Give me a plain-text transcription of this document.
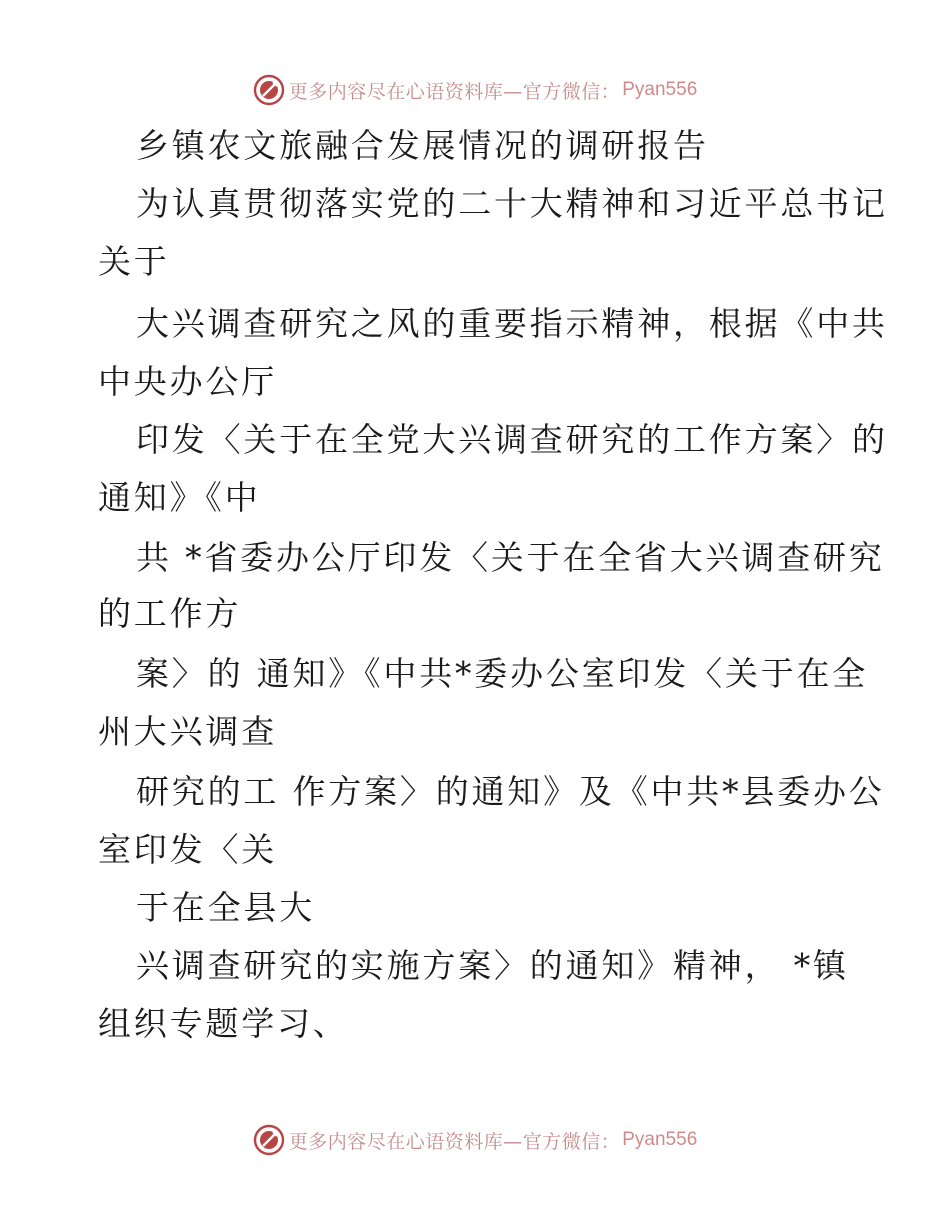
更多内容尽在心语资料库—官方微信： Pyan556
乡镇农文旅融合发展情况的调研报告
为认真贯彻落实党的二十大精神和习近平总书记
关于
大兴调查研究之风的重要指示精神，根据《中共
中央办公厅
印发〈关于在全党大兴调查研究的工作方案〉的
通知》《中
共 *省委办公厅印发〈关于在全省大兴调查研究
的工作方
案〉的 通知》《中共*委办公室印发〈关于在全
州大兴调查
研究的工 作方案〉的通知》及《中共*县委办公
室印发〈关
于在全县大
兴调查研究的实施方案〉的通知》精神， *镇
组织专题学习、
更多内容尽在心语资料库—官方微信： Pyan556
